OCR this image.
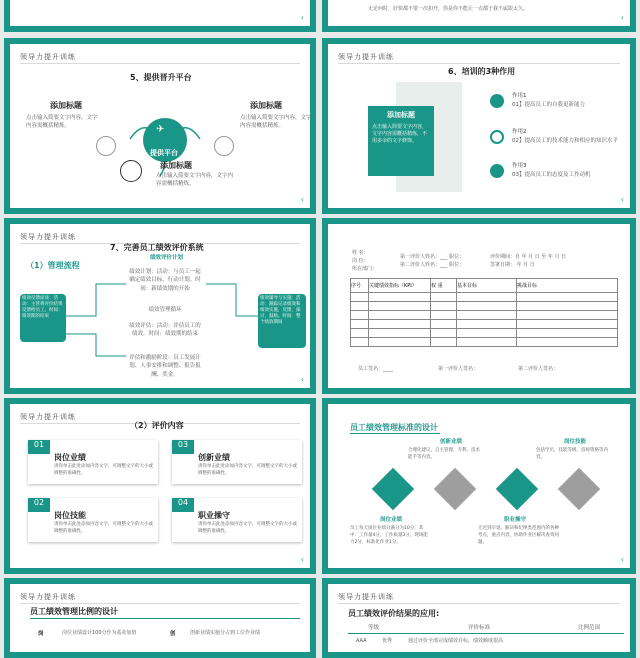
‹
无论何时，好快都不要一次扣开，你是你不能让一点都于我不属限太久。
‹
领导力提升训练
5、提供晋升平台
✈
提供平台
添加标题
点击输入简要文字内容，文字内容需概括精炼。
添加标题
点击输入简要文字内容，文字内容需概括精炼。
添加标题
点击输入简要文字内容，文字内容需概括精炼。
‹
领导力提升训练
6、培训的3种作用
添加标题
点击输入简要文字内容，文字内容需概括精炼，不用多余的文字修饰。
作用1
01】提高员工的自我更新能力
作用2
02】提高员工的技术能力和相应的知识水平
作用3
03】提高员工的态度及工作动机
‹
领导力提升训练
7、完善员工绩效评价系统
（1）管理流程
绩效评价计划
绩效计划：活动：与员工一起确定绩效目标，行动计划。时间：新绩效期的开始
绩效管理循环
绩效评估：活动：评估员工的绩效。时间：绩效期的结束
评估和激励阶段：员工发展计划、人事安排和调整、报告报酬、奖金。
绩效反馈面谈：活动：主管将评价结果反馈给员工。时间：绩效期的结束
绩效辅导与实施：活动：跟踪记录绩效和绩效实施，反馈，探讨，鼓励。时间：整个绩效期间
‹
姓 名：
岗 位：
所在部门：
第一评价人姓名：___ 职位：
第二评价人姓名：___ 职位：
评价期间：自 年 月 日 至 年 月 日
签署日期： 年 月 日
序号	关键绩效指标（KPI）	权 重	基本目标	挑战目标

员工签名：____	第一评价人签名：	第二评价人签名：
领导力提升训练
（2）评价内容
01
岗位业绩
请你单击此处添加内容文字，可调整文字的大小或调整的准确性。
03
创新业绩
请你单击此处添加内容文字，可调整文字的大小或调整的准确性。
02
岗位技能
请你单击此处添加内容文字，可调整文字的大小或调整的准确性。
04
职业操守
请你单击此处添加内容文字，可调整文字的大小或调整的准确性。
‹
员工绩效管理标准的设计
创新业绩
合理化建议，自主管理，专利，技术能手等内容。
岗位技能
包括学历，技能等级，技师资格等内容。
岗位业绩
员工每天岗位业绩分满分为10分，其中：工作量4分，工作质量3分，现场能力2分，标准化作业1分。
职业操守
无迟到早退、解决和纪律类范围内的各种考点，重点内容，协助作业区解决查询问题。
‹
领导力提升训练
员工绩效管理比例的设计
岗	岗位业绩设计100分作为基业加值	创	创新业绩实施分占到工位作业绩
领导力提升训练
员工绩效评价结果的应用:
等级	评价标准	比例范围
AAA	优秀	通过评价全部完成绩效目标，绩效额度很高
